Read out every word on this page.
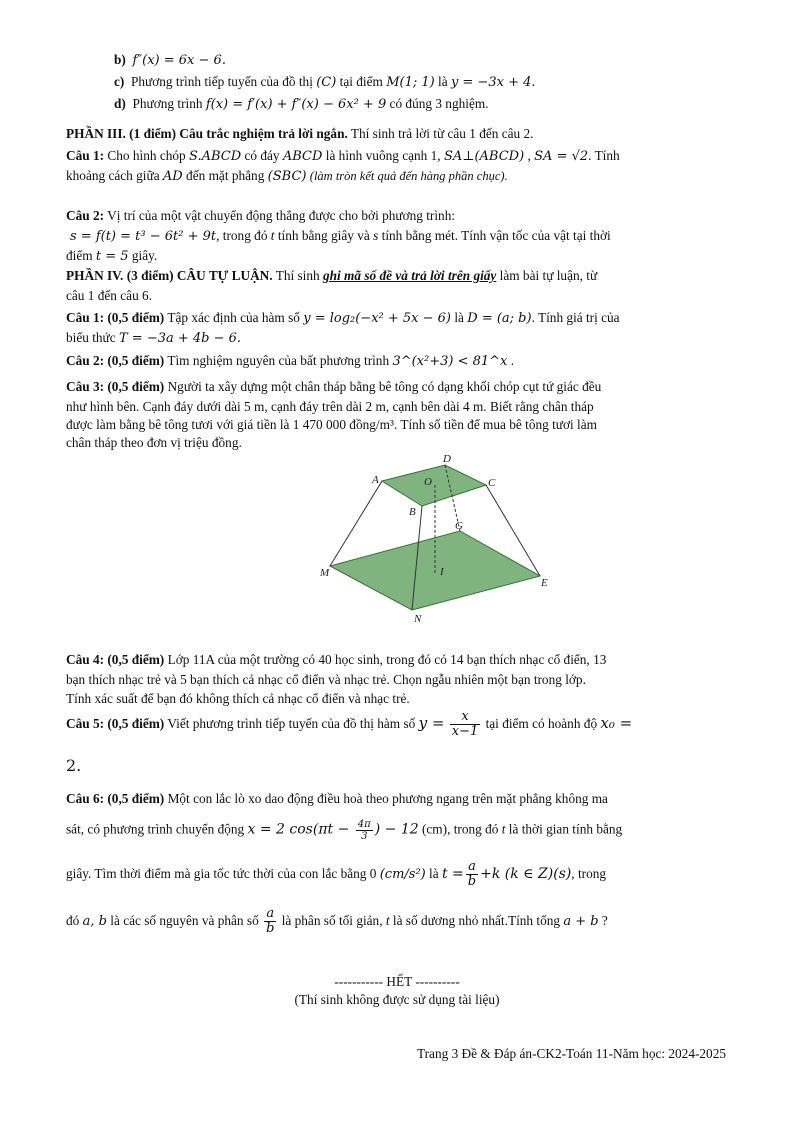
b) f″(x) = 6x − 6.
c) Phương trình tiếp tuyến của đồ thị (C) tại điểm M(1; 1) là y = −3x + 4.
d) Phương trình f(x) = f′(x) + f″(x) − 6x² + 9 có đúng 3 nghiệm.
PHẦN III. (1 điểm) Câu trắc nghiệm trả lời ngắn. Thí sinh trả lời từ câu 1 đến câu 2.
Câu 1: Cho hình chóp S.ABCD có đáy ABCD là hình vuông cạnh 1, SA⊥(ABCD) , SA = √2. Tính
khoảng cách giữa AD đến mặt phẳng (SBC) (làm tròn kết quả đến hàng phần chục).
Câu 2: Vị trí của một vật chuyển động thẳng được cho bởi phương trình:
s = f(t) = t³ − 6t² + 9t, trong đó t tính bằng giây và s tính bằng mét. Tính vận tốc của vật tại thời
điểm t = 5 giây.
PHẦN IV. (3 điểm) CÂU TỰ LUẬN. Thí sinh ghi mã số đề và trả lời trên giấy làm bài tự luận, từ
câu 1 đến câu 6.
Câu 1: (0,5 điểm) Tập xác định của hàm số y = log₂(−x² + 5x − 6) là D = (a; b). Tính giá trị của
biểu thức T = −3a + 4b − 6.
Câu 2: (0,5 điểm) Tìm nghiệm nguyên của bất phương trình 3^(x²+3) < 81^x .
Câu 3: (0,5 điểm) Người ta xây dựng một chân tháp bằng bê tông có dạng khối chóp cụt tứ giác đều
như hình bên. Cạnh đáy dưới dài 5 m, cạnh đáy trên dài 2 m, cạnh bên dài 4 m. Biết rằng chân tháp
được làm bằng bê tông tươi với giá tiền là 1 470 000 đồng/m³. Tính số tiền để mua bê tông tươi làm
chân tháp theo đơn vị triệu đồng.
D
A	O	C
B
G
M	I
E
N
Câu 4: (0,5 điểm) Lớp 11A của một trường có 40 học sinh, trong đó có 14 bạn thích nhạc cổ điển, 13
bạn thích nhạc trẻ và 5 bạn thích cả nhạc cổ điển và nhạc trẻ. Chọn ngẫu nhiên một bạn trong lớp.
Tính xác suất để bạn đó không thích cả nhạc cổ điển và nhạc trẻ.
Câu 5: (0,5 điểm) Viết phương trình tiếp tuyến của đồ thị hàm số $y = \frac{x}{x-1}$ tại điểm có hoành độ x₀ =
2.
Câu 6: (0,5 điểm) Một con lắc lò xo dao động điều hoà theo phương ngang trên mặt phẳng không ma
sát, có phương trình chuyển động x = 2 $\cos(\pi t - \frac{4\pi}{3}$ ) − 12 (cm), trong đó t là thời gian tính bằng
giây. Tìm thời điểm mà gia tốc tức thời của con lắc bằng 0 (cm/s²) là $t = \frac{a}{b} +k$ (k ∈ Z)(s), trong
đó a, b là các số nguyên và phân số $\frac{a}{b}$ là phân số tối giản, t là số dương nhỏ nhất.Tính tổng a + b ?
----------- HẾT ----------
(Thí sinh không được sử dụng tài liệu)
Trang 3 Đề & Đáp án-CK2-Toán 11-Năm học: 2024-2025
